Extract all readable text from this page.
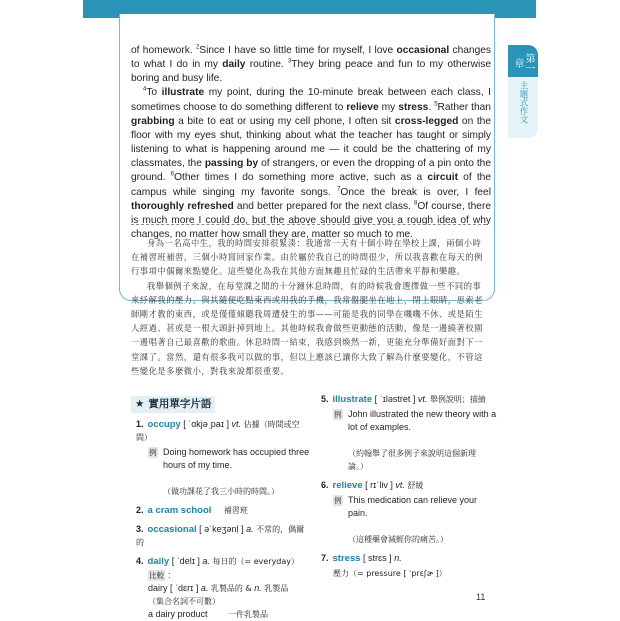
第一章
主題式作文

of homework. $^2$Since I have so little time for myself, I love occasional changes to what I do in my daily routine. $^3$They bring peace and fun to my otherwise boring and busy life.

$^4$To illustrate my point, during the 10-minute break between each class, I sometimes choose to do something different to relieve my stress. $^5$Rather than grabbing a bite to eat or using my cell phone, I often sit cross-legged on the floor with my eyes shut, thinking about what the teacher has taught or simply listening to what is happening around me — it could be the chattering of my classmates, the passing by of strangers, or even the dropping of a pin onto the ground. $^6$Other times I do something more active, such as a circuit of the campus while singing my favorite songs. $^7$Once the break is over, I feel thoroughly refreshed and better prepared for the next class. $^8$Of course, there is much more I could do, but the above should give you a rough idea of why changes, no matter how small they are, matter so much to me.

身為一名高中生，我的時間安排很緊湊：我通常一天有十個小時在學校上課，兩個小時在補習班補習，三個小時寫回家作業。由於屬於我自己的時間很少，所以我喜歡在每天的例行事項中偶爾來點變化。這些變化為我在其他方面無趣且忙碌的生活帶來平靜和樂趣。

我舉個例子來說，在每堂課之間的十分鐘休息時間，有的時候我會選擇做一些不同的事來紓解我的壓力。與其隨便吃點東西或用我的手機，我常盤腿坐在地上，閉上眼睛，思索老師剛才教的東西，或是僅僅傾聽我周遭發生的事——可能是我的同學在嘰嘰不休、或是陌生人經過、甚或是一根大頭針掉到地上。其他時候我會做些更動態的活動，像是一邊繞著校園一邊唱著自己最喜歡的歌曲。休息時間一結束，我感到煥然一新，更能充分準備好面對下一堂課了。當然，還有很多我可以做的事，但以上應該已讓你大致了解為什麼要變化，不管這些變化是多麼微小，對我來說都很重要。

★ 實用單字片語
1. occupy [ ˈɑkjəˌpaɪ ] vt. 佔據（時間或空間）
例 Doing homework has occupied three hours of my time.
（做功課花了我三小時的時間。）
2. a cram school 補習班
3. occasional [ əˈkeʒənḷ ] a. 不常的，偶爾的
4. daily [ ˈdelɪ ] a. 每日的（= everyday）
比較 :
dairy [ ˈdɛrɪ ] a. 乳製品的 & n. 乳製品
（集合名詞不可數）
a dairy product	一件乳製品
5. illustrate [ ˈɪləstret ] vt. 舉例說明；描繪
例 John illustrated the new theory with a lot of examples.
（約翰舉了很多例子來說明這個新理論。）
6. relieve [ rɪˈliv ] vt. 舒緩
例 This medication can relieve your pain.
（這種藥會減輕你的痛苦。）
7. stress [ strɛs ] n.
壓力（= pressure [ ˈprɛʃɚ ]）
11
